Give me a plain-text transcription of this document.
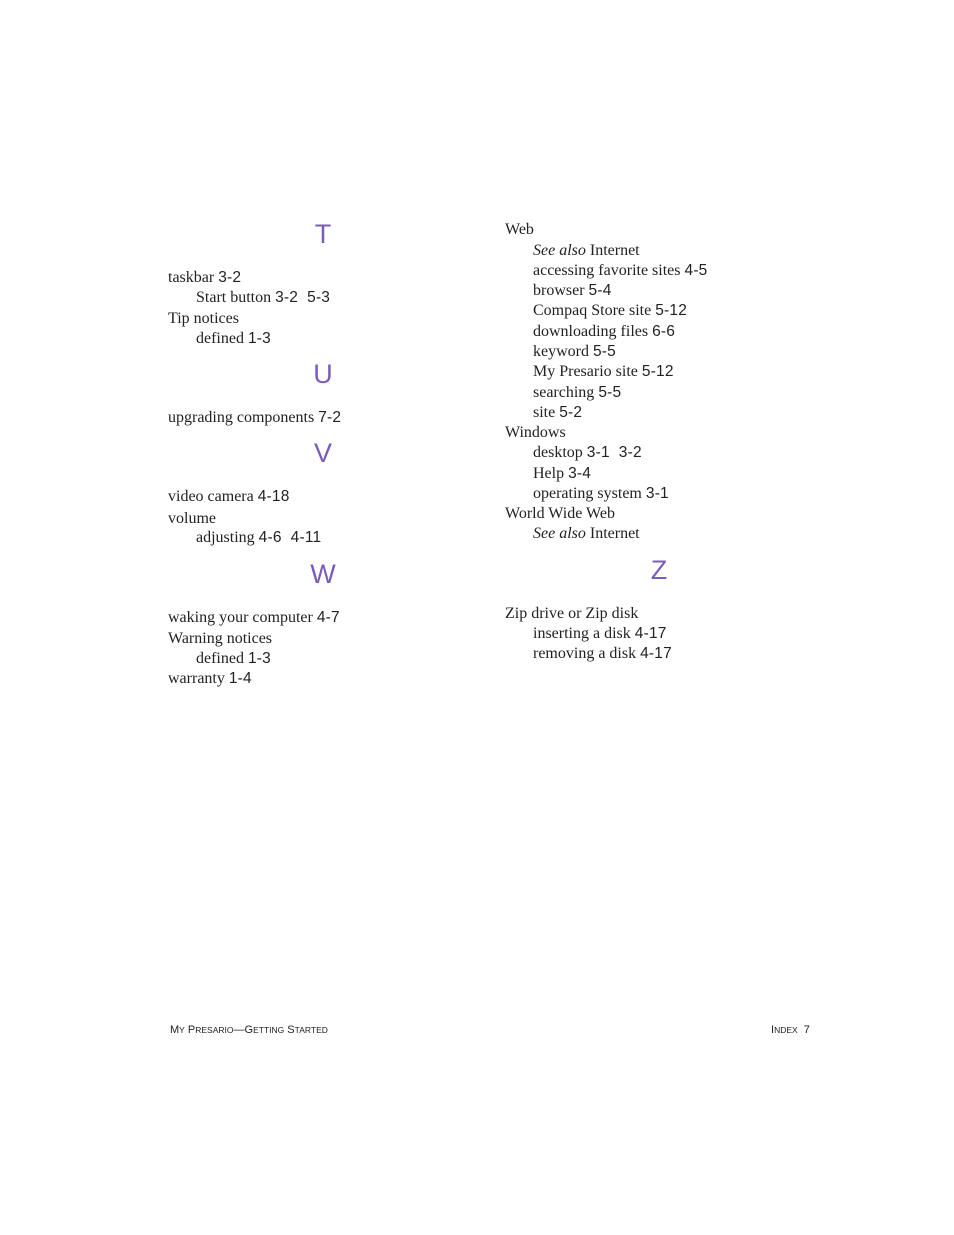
T
taskbar 3-2
Start button 3-2  5-3
Tip notices
defined 1-3
U
upgrading components 7-2
V
video camera 4-18
volume
adjusting 4-6  4-11
W
waking your computer 4-7
Warning notices
defined 1-3
warranty 1-4
Web
See also Internet
accessing favorite sites 4-5
browser 5-4
Compaq Store site 5-12
downloading files 6-6
keyword 5-5
My Presario site 5-12
searching 5-5
site 5-2
Windows
desktop 3-1  3-2
Help 3-4
operating system 3-1
World Wide Web
See also Internet
Z
Zip drive or Zip disk
inserting a disk 4-17
removing a disk 4-17
MY PRESARIO—GETTING STARTED	INDEX  7
